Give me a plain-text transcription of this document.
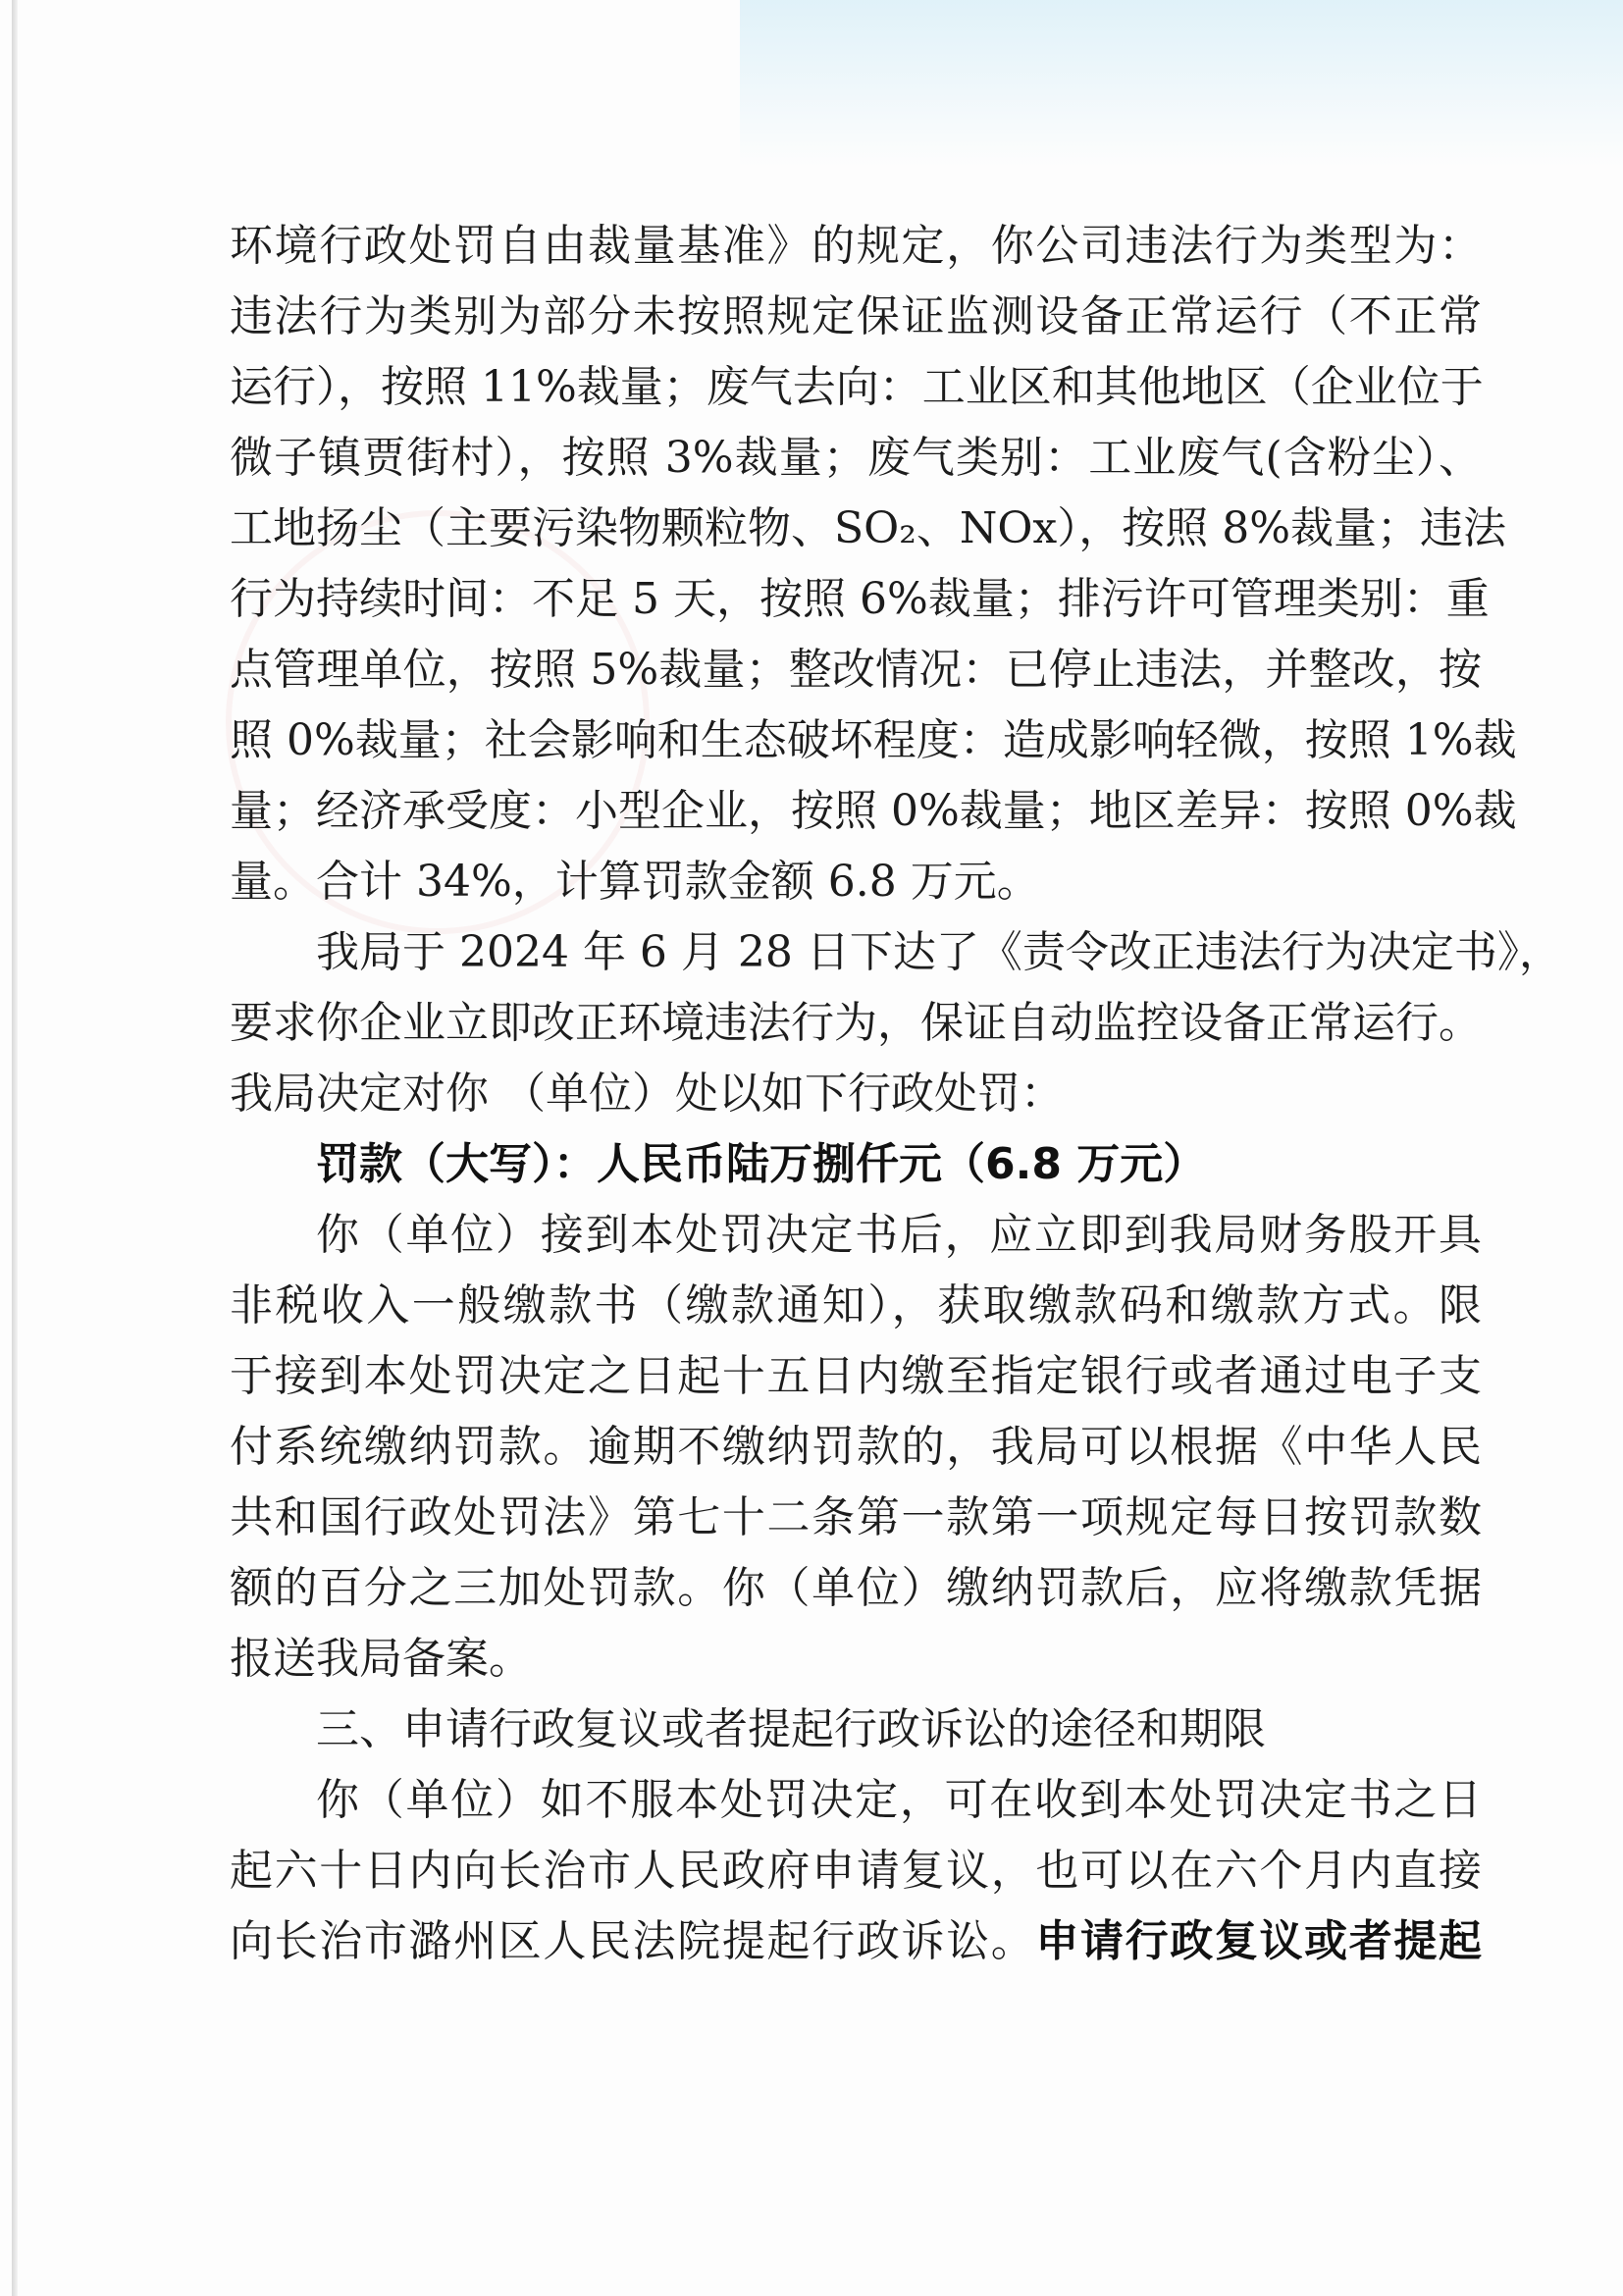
环境行政处罚自由裁量基准》的规定，你公司违法行为类型为：
违法行为类别为部分未按照规定保证监测设备正常运行（不正常
运行），按照 11%裁量；废气去向：工业区和其他地区（企业位于
微子镇贾街村），按照 3%裁量；废气类别：工业废气(含粉尘）、
工地扬尘（主要污染物颗粒物、SO₂、NOx），按照 8%裁量；违法
行为持续时间：不足 5 天，按照 6%裁量；排污许可管理类别：重
点管理单位，按照 5%裁量；整改情况：已停止违法，并整改，按
照 0%裁量；社会影响和生态破坏程度：造成影响轻微，按照 1%裁
量；经济承受度：小型企业，按照 0%裁量；地区差异：按照 0%裁
量。合计 34%，计算罚款金额 6.8 万元。
我局于 2024 年 6 月 28 日下达了《责令改正违法行为决定书》，
要求你企业立即改正环境违法行为，保证自动监控设备正常运行。
我局决定对你 （单位）处以如下行政处罚：
罚款（大写）：人民币陆万捌仟元（6.8 万元）
你（单位）接到本处罚决定书后，应立即到我局财务股开具
非税收入一般缴款书（缴款通知），获取缴款码和缴款方式。限
于接到本处罚决定之日起十五日内缴至指定银行或者通过电子支
付系统缴纳罚款。逾期不缴纳罚款的，我局可以根据《中华人民
共和国行政处罚法》第七十二条第一款第一项规定每日按罚款数
额的百分之三加处罚款。你（单位）缴纳罚款后，应将缴款凭据
报送我局备案。
三、申请行政复议或者提起行政诉讼的途径和期限
你（单位）如不服本处罚决定，可在收到本处罚决定书之日
起六十日内向长治市人民政府申请复议，也可以在六个月内直接
向长治市潞州区人民法院提起行政诉讼。申请行政复议或者提起
